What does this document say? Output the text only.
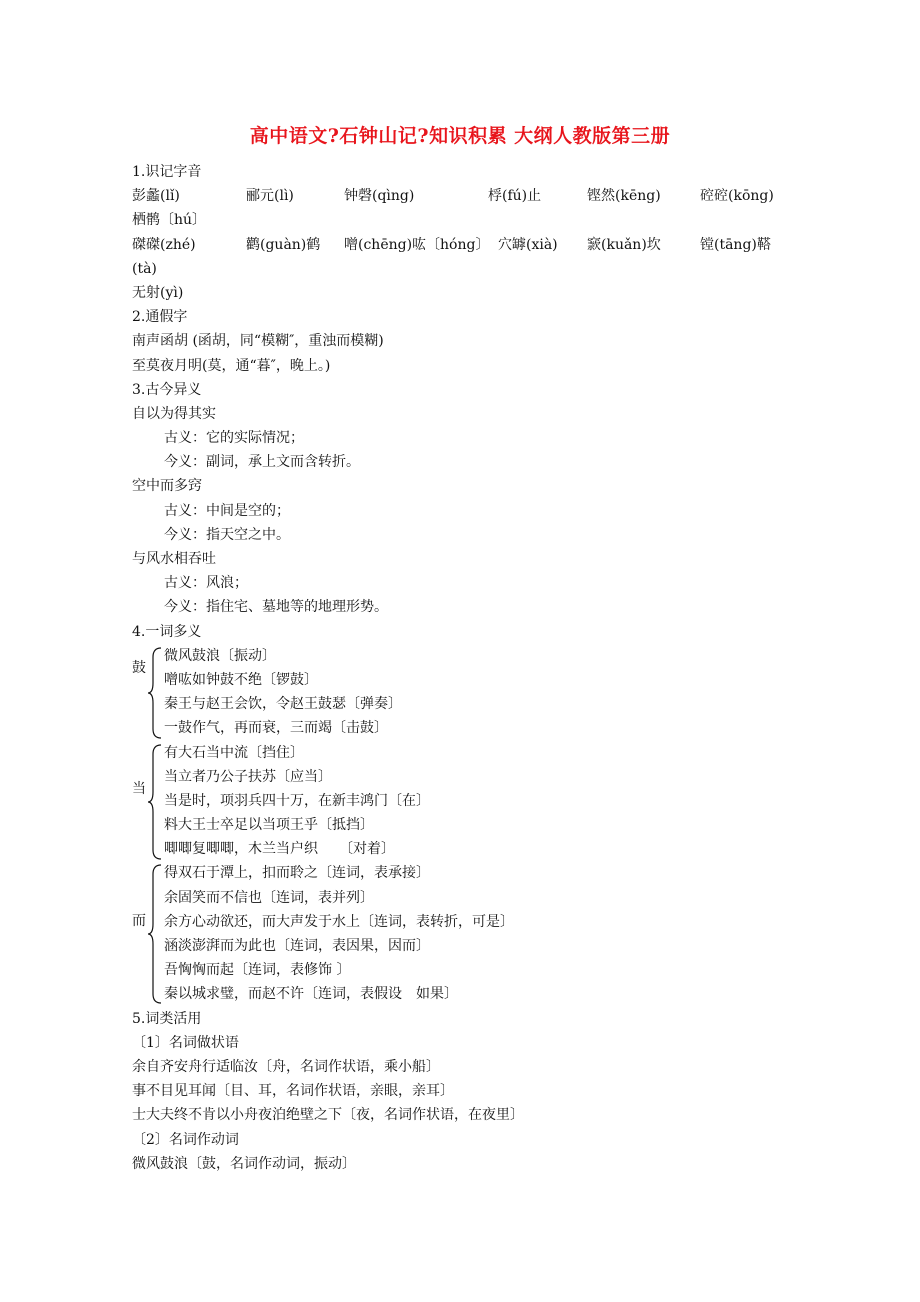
高中语文?石钟山记?知识积累 大纲人教版第三册
1.识记字音
彭蠡(lǐ)	郦元(lì)	钟磬(qìng)	桴(fú)止	铿然(kēng)	硿硿(kōng)
栖鹘〔hú〕
磔磔(zhé)	鹳(guàn)鹤 噌(chēng)吰〔hóng〕 穴罅(xià) 窾(kuǎn)坎	镗(tāng)鞳
(tà)
无射(yì)
2.通假字
南声函胡 (函胡，同“模糊″，重浊而模糊)
至莫夜月明(莫，通“暮″，晚上。)
3.古今异义
自以为得其实
古义：它的实际情况；
今义：副词，承上文而含转折。
空中而多窍
古义：中间是空的；
今义：指天空之中。
与风水相吞吐
古义：风浪；
今义：指住宅、墓地等的地理形势。
4.一词多义
鼓
微风鼓浪〔振动〕
噌吰如钟鼓不绝〔锣鼓〕
秦王与赵王会饮，令赵王鼓瑟〔弹奏〕
一鼓作气，再而衰，三而竭〔击鼓〕
当
有大石当中流〔挡住〕
当立者乃公子扶苏〔应当〕
当是时，项羽兵四十万，在新丰鸿门〔在〕
料大王士卒足以当项王乎〔抵挡〕
唧唧复唧唧，木兰当户织　　〔对着〕
而
得双石于潭上，扣而聆之〔连词，表承接〕
余固笑而不信也〔连词，表并列〕
余方心动欲还，而大声发于水上〔连词，表转折，可是〕
涵淡澎湃而为此也〔连词，表因果，因而〕
吾恟恟而起〔连词，表修饰 〕
秦以城求璧，而赵不许〔连词，表假设　如果〕
5.词类活用
〔1〕名词做状语
余自齐安舟行适临汝〔舟，名词作状语，乘小船〕
事不目见耳闻〔目、耳，名词作状语，亲眼，亲耳〕
士大夫终不肯以小舟夜泊绝壁之下〔夜，名词作状语，在夜里〕
〔2〕名词作动词
微风鼓浪〔鼓，名词作动词，振动〕
